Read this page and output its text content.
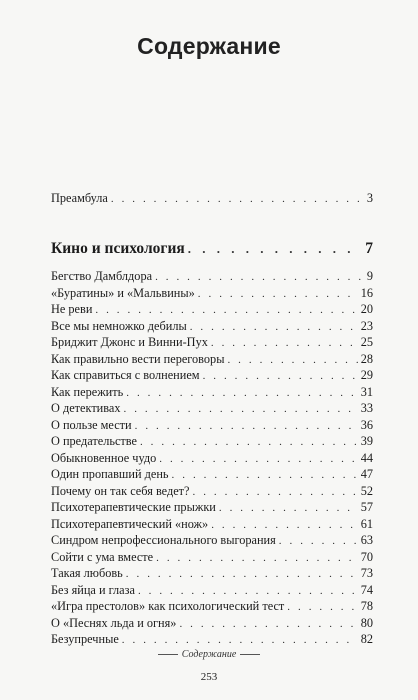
Содержание
Преамбула . . .	3
Кино и психология . . .	7
Бегство Дамблдора . . .	9
«Буратины» и «Мальвины» . . .	16
Не реви . . .	20
Все мы немножко дебилы . . .	23
Бриджит Джонс и Винни-Пух . . .	25
Как правильно вести переговоры . . .	28
Как справиться с волнением . . .	29
Как пережить . . .	31
О детективах . . .	33
О пользе мести . . .	36
О предательстве . . .	39
Обыкновенное чудо . . .	44
Один пропавший день . . .	47
Почему он так себя ведет? . . .	52
Психотерапевтические прыжки . . .	57
Психотерапевтический «нож» . . .	61
Синдром непрофессионального выгорания . . .	63
Сойти с ума вместе . . .	70
Такая любовь . . .	73
Без яйца и глаза . . .	74
«Игра престолов» как психологический тест . . .	78
О «Песнях льда и огня» . . .	80
Безупречные . . .	82
Содержание
253
